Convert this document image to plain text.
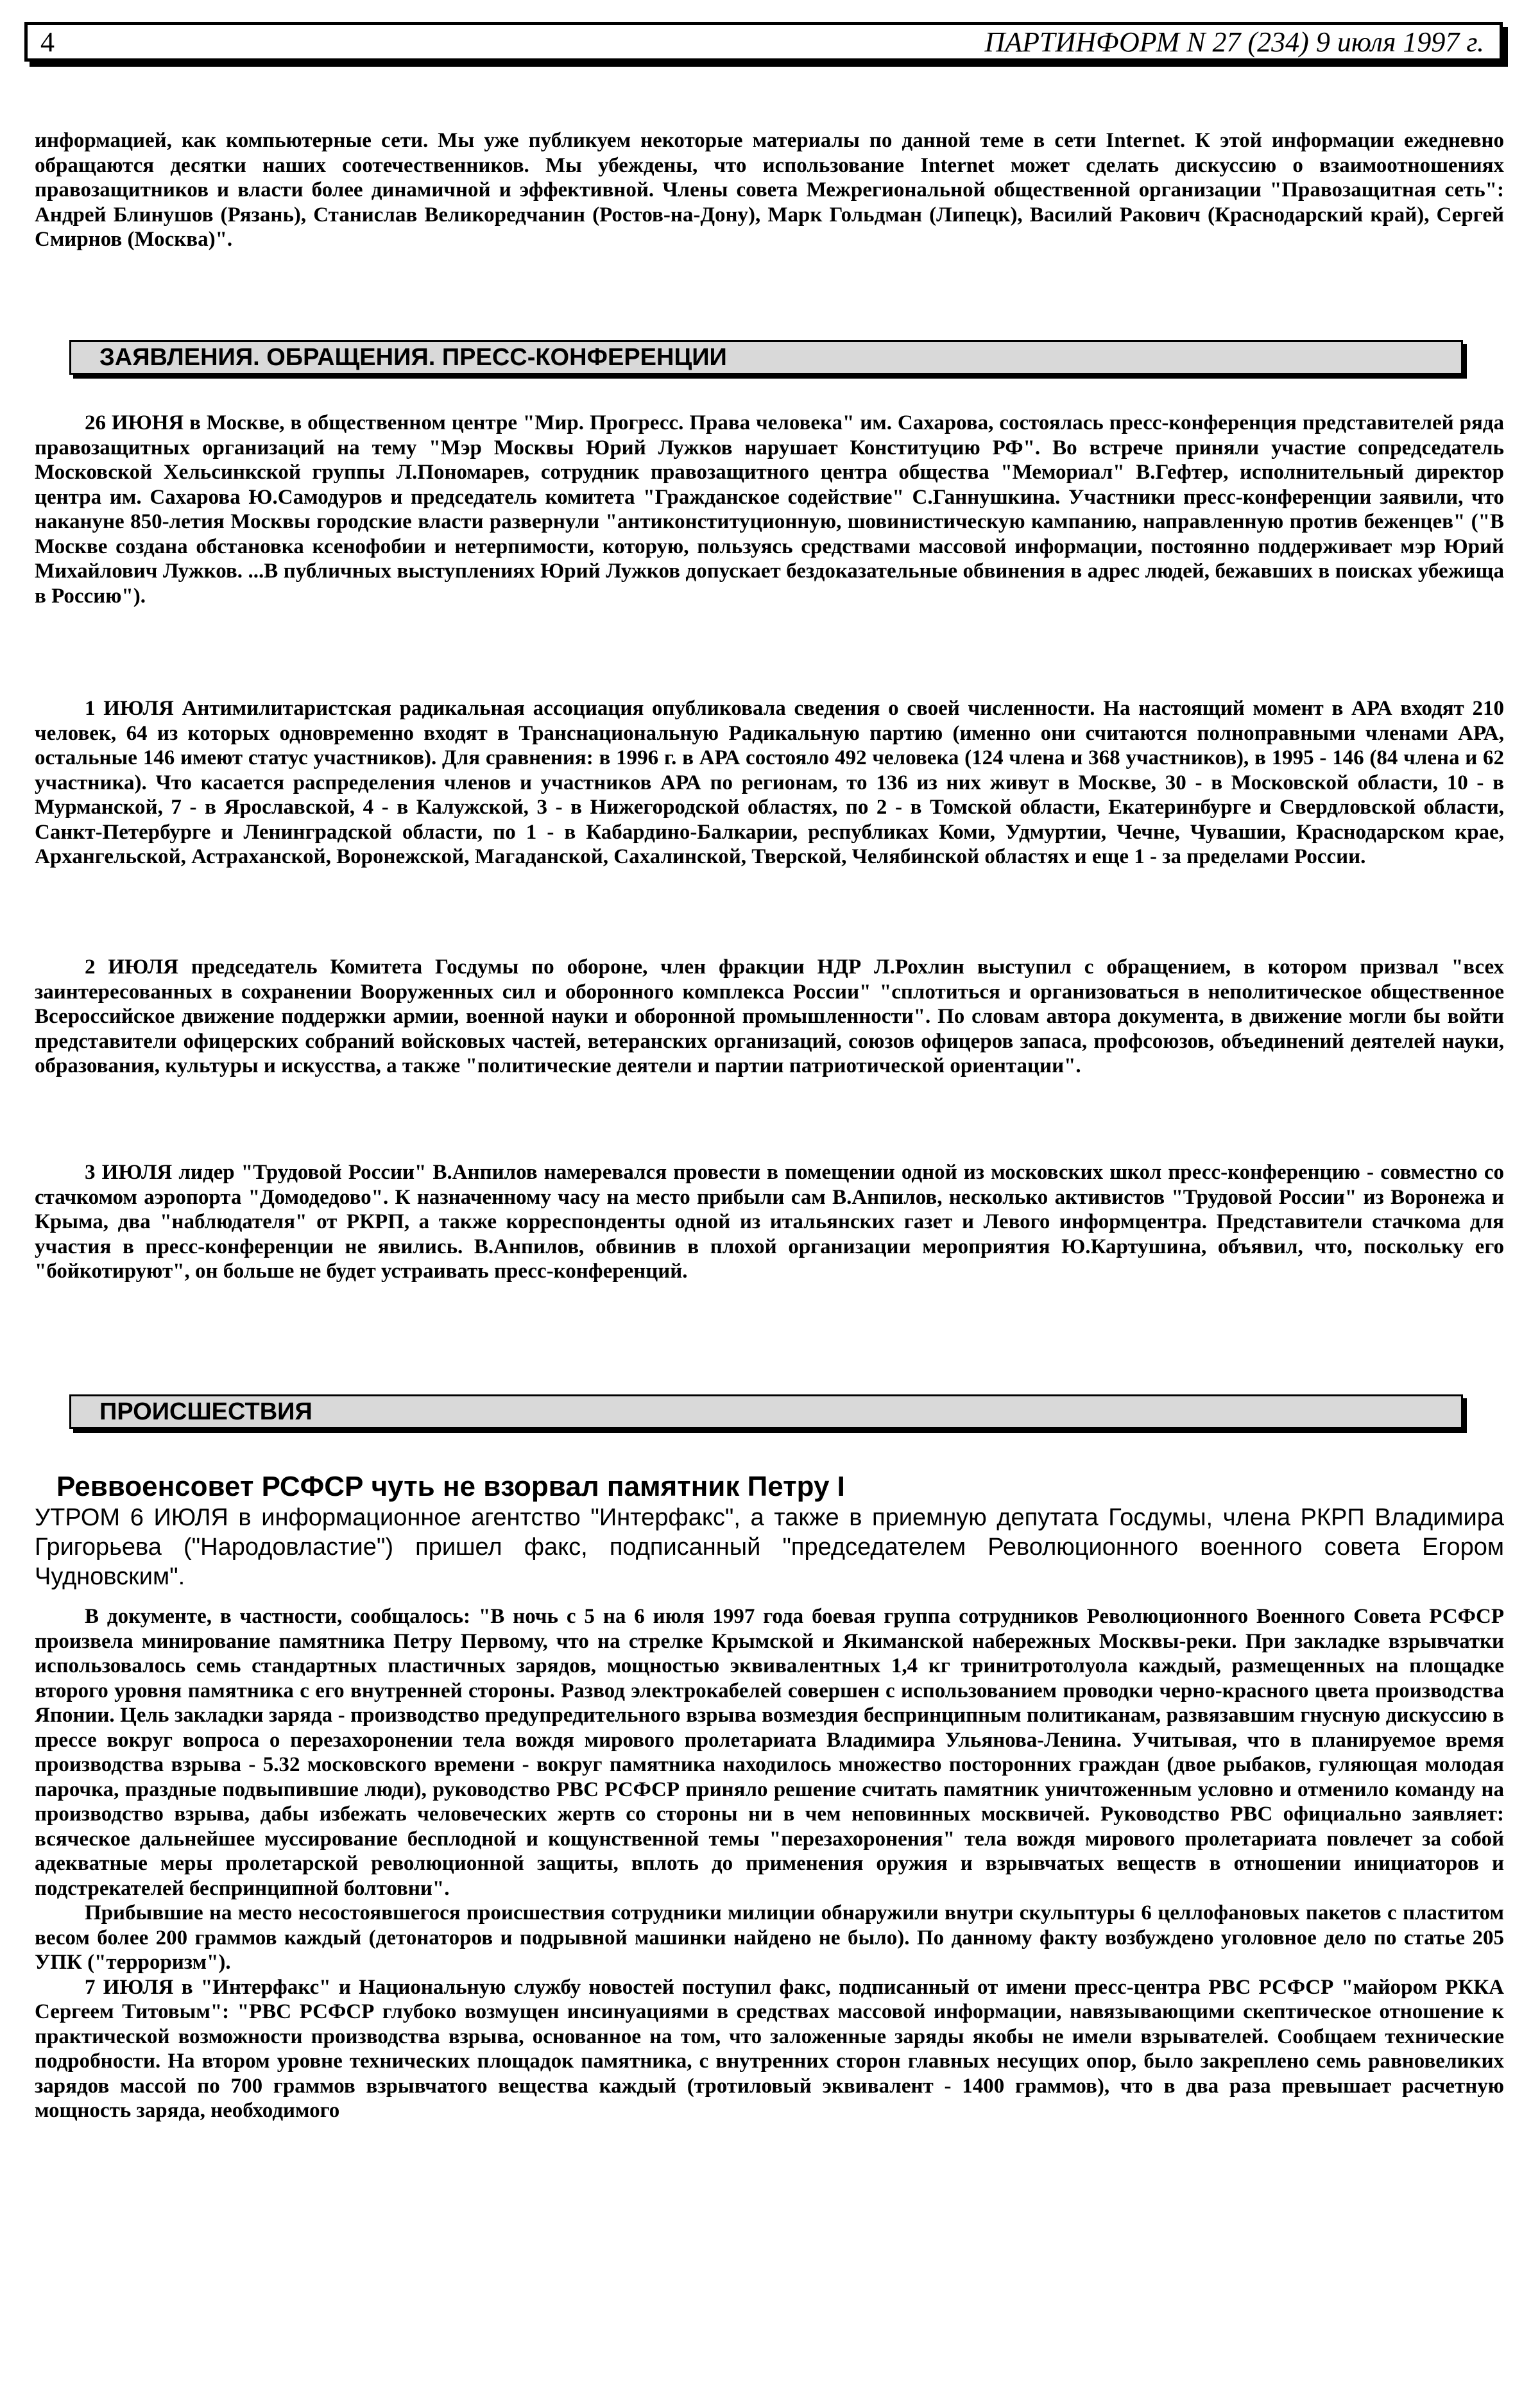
4	ПАРТИНФОРМ N 27 (234) 9 июля 1997 г.

информацией, как компьютерные сети. Мы уже публикуем некоторые материалы по данной теме в сети Internet. К этой информации ежедневно обращаются десятки наших соотечественников. Мы убеждены, что использование Internet может сделать дискуссию о взаимоотношениях правозащитников и власти более динамичной и эффективной. Члены совета Межрегиональной общественной организации "Правозащитная сеть": Андрей Блинушов (Рязань), Станислав Великоредчанин (Ростов-на-Дону), Марк Гольдман (Липецк), Василий Ракович (Краснодарский край), Сергей Смирнов (Москва)".

ЗАЯВЛЕНИЯ. ОБРАЩЕНИЯ. ПРЕСС-КОНФЕРЕНЦИИ

26 ИЮНЯ в Москве, в общественном центре "Мир. Прогресс. Права человека" им. Сахарова, состоялась пресс-конференция представителей ряда правозащитных организаций на тему "Мэр Москвы Юрий Лужков нарушает Конституцию РФ". Во встрече приняли участие сопредседатель Московской Хельсинкской группы Л.Пономарев, сотрудник правозащитного центра общества "Мемориал" В.Гефтер, исполнительный директор центра им. Сахарова Ю.Самодуров и председатель комитета "Гражданское содействие" С.Ганнушкина. Участники пресс-конференции заявили, что накануне 850-летия Москвы городские власти развернули "антиконституционную, шовинистическую кампанию, направленную против беженцев" ("В Москве создана обстановка ксенофобии и нетерпимости, которую, пользуясь средствами массовой информации, постоянно поддерживает мэр Юрий Михайлович Лужков. ...В публичных выступлениях Юрий Лужков допускает бездоказательные обвинения в адрес людей, бежавших в поисках убежища в Россию").

1 ИЮЛЯ Антимилитаристская радикальная ассоциация опубликовала сведения о своей численности. На настоящий момент в АРА входят 210 человек, 64 из которых одновременно входят в Транснациональную Радикальную партию (именно они считаются полноправными членами АРА, остальные 146 имеют статус участников). Для сравнения: в 1996 г. в АРА состояло 492 человека (124 члена и 368 участников), в 1995 - 146 (84 члена и 62 участника). Что касается распределения членов и участников АРА по регионам, то 136 из них живут в Москве, 30 - в Московской области, 10 - в Мурманской, 7 - в Ярославской, 4 - в Калужской, 3 - в Нижегородской областях, по 2 - в Томской области, Екатеринбурге и Свердловской области, Санкт-Петербурге и Ленинградской области, по 1 - в Кабардино-Балкарии, республиках Коми, Удмуртии, Чечне, Чувашии, Краснодарском крае, Архангельской, Астраханской, Воронежской, Магаданской, Сахалинской, Тверской, Челябинской областях и еще 1 - за пределами России.

2 ИЮЛЯ председатель Комитета Госдумы по обороне, член фракции НДР Л.Рохлин выступил с обращением, в котором призвал "всех заинтересованных в сохранении Вооруженных сил и оборонного комплекса России" "сплотиться и организоваться в неполитическое общественное Всероссийское движение поддержки армии, военной науки и оборонной промышленности". По словам автора документа, в движение могли бы войти представители офицерских собраний войсковых частей, ветеранских организаций, союзов офицеров запаса, профсоюзов, объединений деятелей науки, образования, культуры и искусства, а также "политические деятели и партии патриотической ориентации".

3 ИЮЛЯ лидер "Трудовой России" В.Анпилов намеревался провести в помещении одной из московских школ пресс-конференцию - совместно со стачкомом аэропорта "Домодедово". К назначенному часу на место прибыли сам В.Анпилов, несколько активистов "Трудовой России" из Воронежа и Крыма, два "наблюдателя" от РКРП, а также корреспонденты одной из итальянских газет и Левого информцентра. Представители стачкома для участия в пресс-конференции не явились. В.Анпилов, обвинив в плохой организации мероприятия Ю.Картушина, объявил, что, поскольку его "бойкотируют", он больше не будет устраивать пресс-конференций.

ПРОИСШЕСТВИЯ
Реввоенсовет РСФСР чуть не взорвал памятник Петру I

УТРОМ 6 ИЮЛЯ в информационное агентство "Интерфакс", а также в приемную депутата Госдумы, члена РКРП Владимира Григорьева ("Народовластие") пришел факс, подписанный "председателем Революционного военного совета Егором Чудновским".

В документе, в частности, сообщалось: "В ночь с 5 на 6 июля 1997 года боевая группа сотрудников Революционного Военного Совета РСФСР произвела минирование памятника Петру Первому, что на стрелке Крымской и Якиманской набережных Москвы-реки. При закладке взрывчатки использовалось семь стандартных пластичных зарядов, мощностью эквивалентных 1,4 кг тринитротолуола каждый, размещенных на площадке второго уровня памятника с его внутренней стороны. Развод электрокабелей совершен с использованием проводки черно-красного цвета производства Японии. Цель закладки заряда - производство предупредительного взрыва возмездия беспринципным политиканам, развязавшим гнусную дискуссию в прессе вокруг вопроса о перезахоронении тела вождя мирового пролетариата Владимира Ульянова-Ленина. Учитывая, что в планируемое время производства взрыва - 5.32 московского времени - вокруг памятника находилось множество посторонних граждан (двое рыбаков, гуляющая молодая парочка, праздные подвыпившие люди), руководство РВС РСФСР приняло решение считать памятник уничтоженным условно и отменило команду на производство взрыва, дабы избежать человеческих жертв со стороны ни в чем неповинных москвичей. Руководство РВС официально заявляет: всяческое дальнейшее муссирование бесплодной и кощунственной темы "перезахоронения" тела вождя мирового пролетариата повлечет за собой адекватные меры пролетарской революционной защиты, вплоть до применения оружия и взрывчатых веществ в отношении инициаторов и подстрекателей беспринципной болтовни".

Прибывшие на место несостоявшегося происшествия сотрудники милиции обнаружили внутри скульптуры 6 целлофановых пакетов с пластитом весом более 200 граммов каждый (детонаторов и подрывной машинки найдено не было). По данному факту возбуждено уголовное дело по статье 205 УПК ("терроризм").

7 ИЮЛЯ в "Интерфакс" и Национальную службу новостей поступил факс, подписанный от имени пресс-центра РВС РСФСР "майором РККА Сергеем Титовым": "РВС РСФСР глубоко возмущен инсинуациями в средствах массовой информации, навязывающими скептическое отношение к практической возможности производства взрыва, основанное на том, что заложенные заряды якобы не имели взрывателей. Сообщаем технические подробности. На втором уровне технических площадок памятника, с внутренних сторон главных несущих опор, было закреплено семь равновеликих зарядов массой по 700 граммов взрывчатого вещества каждый (тротиловый эквивалент - 1400 граммов), что в два раза превышает расчетную мощность заряда, необходимого
